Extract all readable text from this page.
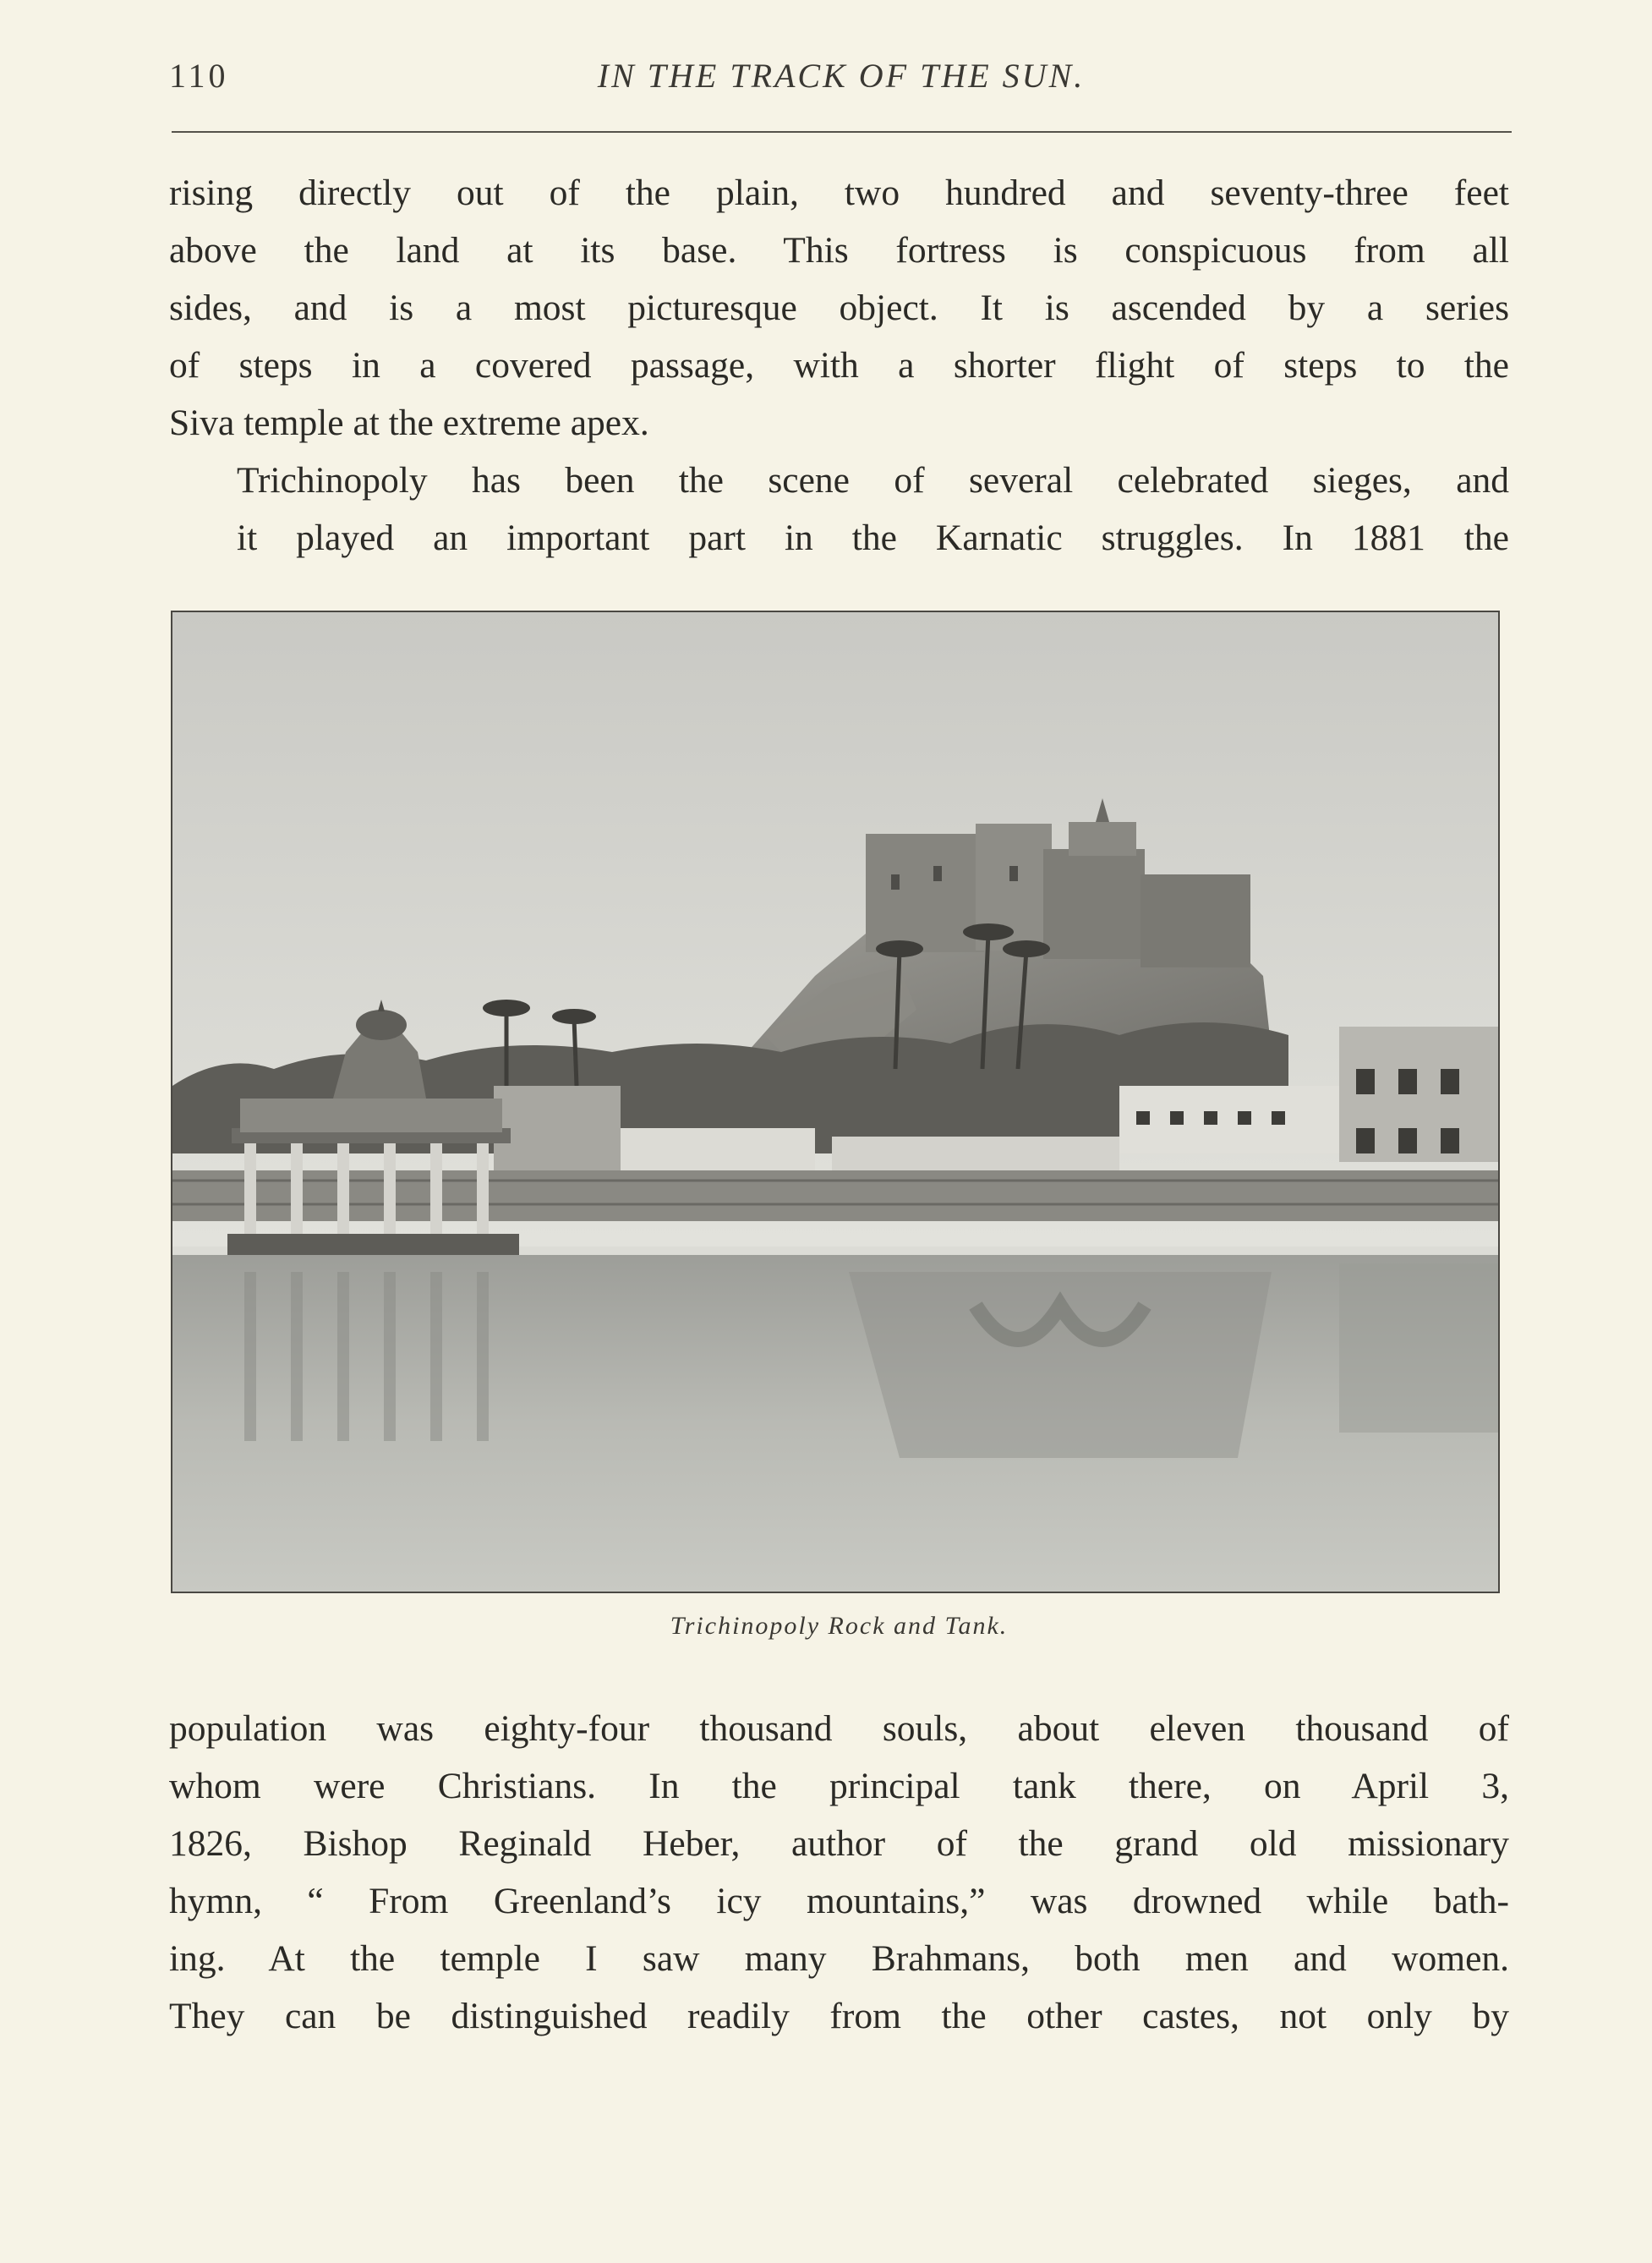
110	IN THE TRACK OF THE SUN.

rising directly out of the plain, two hundred and seventy-three feet
above the land at its base. This fortress is conspicuous from all
sides, and is a most picturesque object. It is ascended by a series
of steps in a covered passage, with a shorter flight of steps to the
Siva temple at the extreme apex.

Trichinopoly has been the scene of several celebrated sieges, and
it played an important part in the Karnatic struggles. In 1881 the

Trichinopoly Rock and Tank.

population was eighty-four thousand souls, about eleven thousand of
whom were Christians. In the principal tank there, on April 3,
1826, Bishop Reginald Heber, author of the grand old missionary
hymn, “ From Greenland’s icy mountains,” was drowned while bath-
ing. At the temple I saw many Brahmans, both men and women.
They can be distinguished readily from the other castes, not only by
